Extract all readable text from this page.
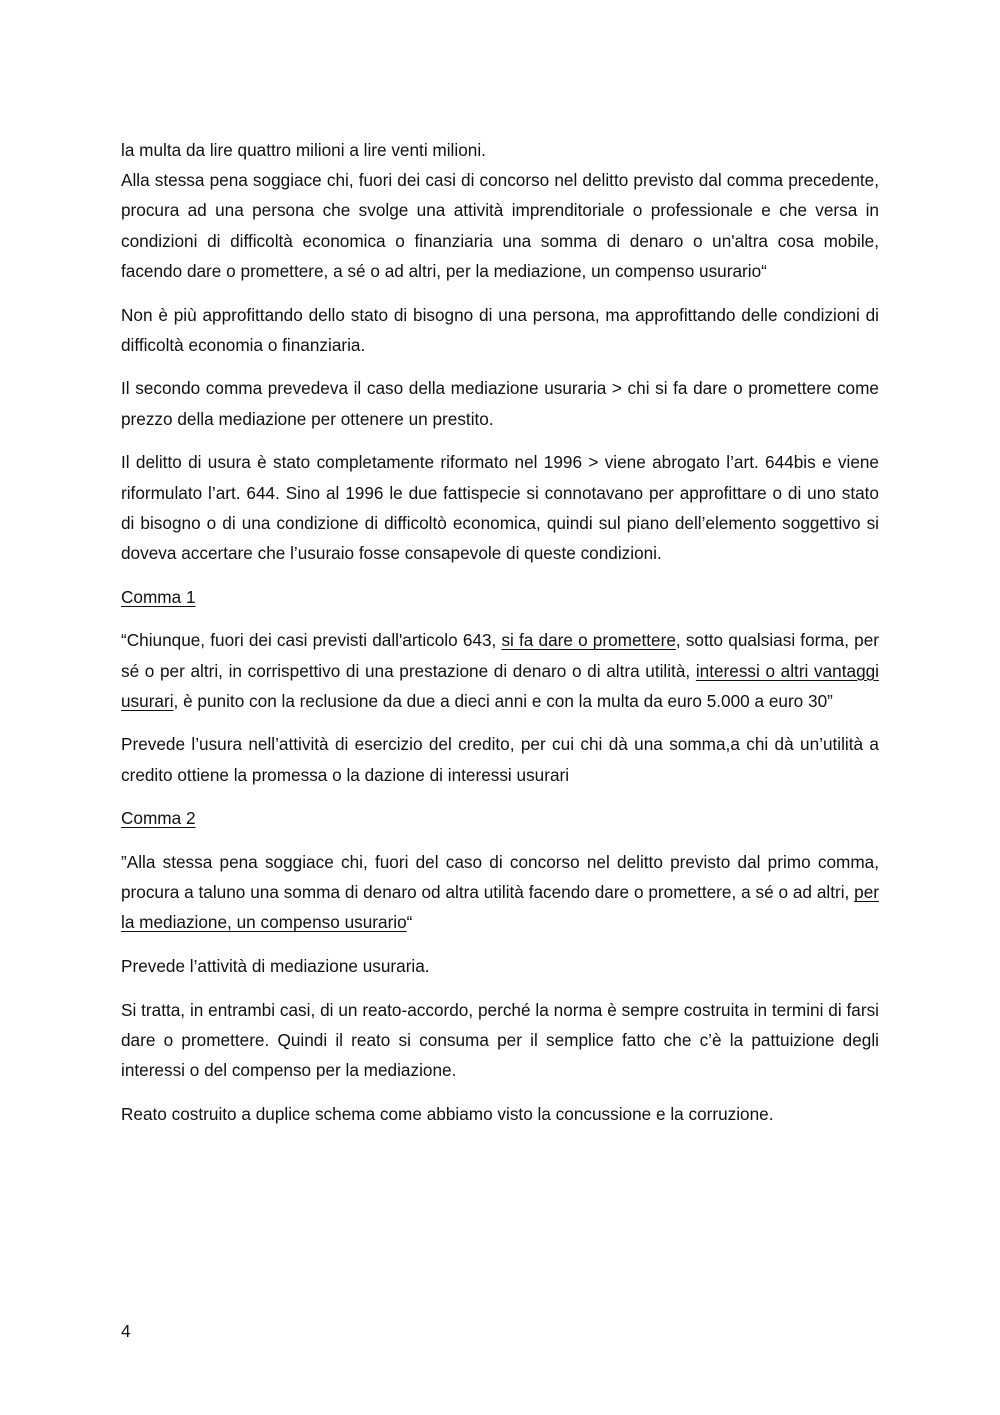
la multa da lire quattro milioni a lire venti milioni.

Alla stessa pena soggiace chi, fuori dei casi di concorso nel delitto previsto dal comma precedente, procura ad una persona che svolge una attività imprenditoriale o professionale e che versa in condizioni di difficoltà economica o finanziaria una somma di denaro o un'altra cosa mobile, facendo dare o promettere, a sé o ad altri, per la mediazione, un compenso usurario“

Non è più approfittando dello stato di bisogno di una persona, ma approfittando delle condizioni di difficoltà economia o finanziaria.

Il secondo comma prevedeva il caso della mediazione usuraria > chi si fa dare o promettere come prezzo della mediazione per ottenere un prestito.

Il delitto di usura è stato completamente riformato nel 1996 > viene abrogato l’art. 644bis e viene riformulato l’art. 644. Sino al 1996 le due fattispecie si connotavano per approfittare o di uno stato di bisogno o di una condizione di difficoltò economica, quindi sul piano dell’elemento soggettivo si doveva accertare che l’usuraio fosse consapevole di queste condizioni.

Comma 1

“Chiunque, fuori dei casi previsti dall'articolo 643, si fa dare o promettere, sotto qualsiasi forma, per sé o per altri, in corrispettivo di una prestazione di denaro o di altra utilità, interessi o altri vantaggi usurari, è punito con la reclusione da due a dieci anni e con la multa da euro 5.000 a euro 30”

Prevede l’usura nell’attività di esercizio del credito, per cui chi dà una somma,a chi dà un’utilità a credito ottiene la promessa o la dazione di interessi usurari

Comma 2

”Alla stessa pena soggiace chi, fuori del caso di concorso nel delitto previsto dal primo comma, procura a taluno una somma di denaro od altra utilità facendo dare o promettere, a sé o ad altri, per la mediazione, un compenso usurario“

Prevede l’attività di mediazione usuraria.

Si tratta, in entrambi casi, di un reato-accordo, perché la norma è sempre costruita in termini di farsi dare o promettere. Quindi il reato si consuma per il semplice fatto che c’è la pattuizione degli interessi o del compenso per la mediazione.

Reato costruito a duplice schema come abbiamo visto la concussione e la corruzione.

4
